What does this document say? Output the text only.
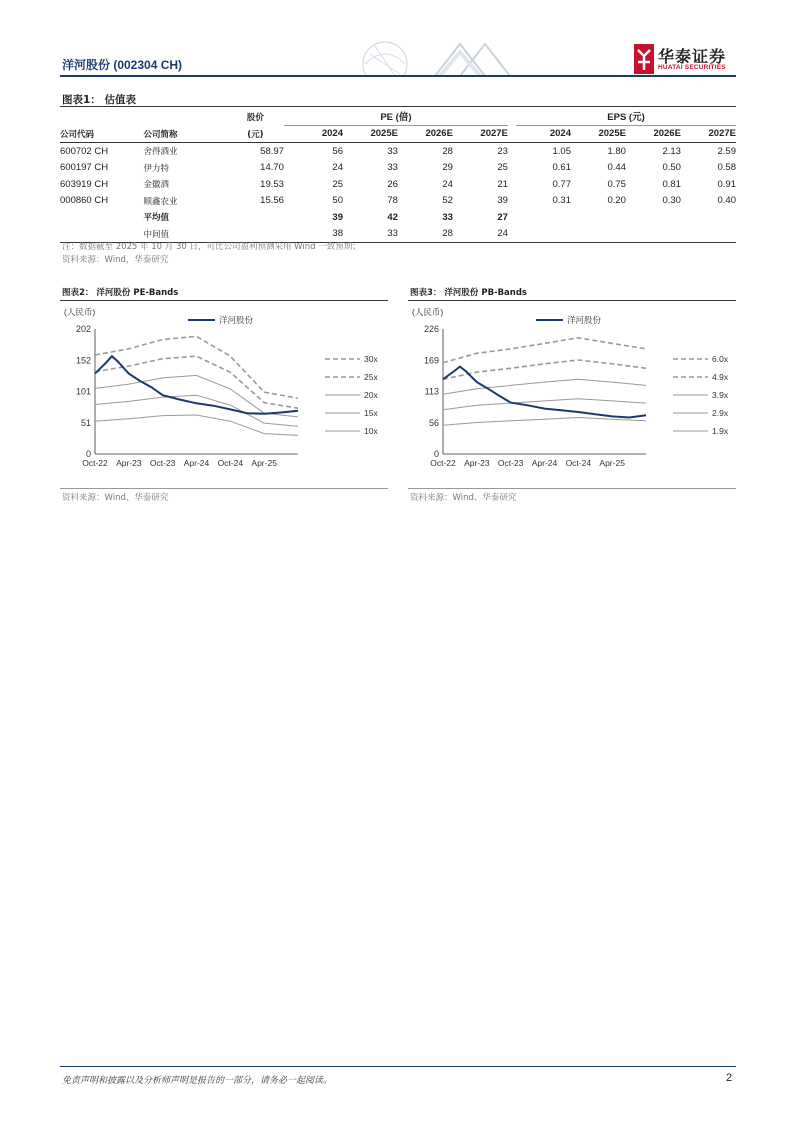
洋河股份 (002304 CH)	华泰证券
HUATAI SECURITIES
图表1： 估值表
		股价	PE (倍)					EPS (元)			
公司代码	公司简称	(元)	2024	2025E	2026E	2027E		2024	2025E	2026E	2027E
600702 CH	舍得酒业	58.97	56	33	28	23		1.05	1.80	2.13	2.59
600197 CH	伊力特	14.70	24	33	29	25		0.61	0.44	0.50	0.58
603919 CH	金徽酒	19.53	25	26	24	21		0.77	0.75	0.81	0.91
000860 CH	顺鑫农业	15.56	50	78	52	39		0.31	0.20	0.30	0.40
	平均值		39	42	33	27					
	中间值		38	33	28	24					
注：数据截至 2025 年 10 月 30 日，可比公司盈利预测采用 Wind 一致预期；
资料来源：Wind，华泰研究
图表2： 洋河股份 PE-Bands
(人民币)
202
152
101
51
0
Oct-22 Apr-23 Oct-23 Apr-24 Oct-24 Apr-25
洋河股份
30x
25x
20x
15x
10x
资料来源：Wind、华泰研究
图表3： 洋河股份 PB-Bands
(人民币)
226
169
113
56
0
Oct-22 Apr-23 Oct-23 Apr-24 Oct-24 Apr-25
洋河股份
6.0x
4.9x
3.9x
2.9x
1.9x
资料来源：Wind、华泰研究
免责声明和披露以及分析师声明是报告的一部分，请务必一起阅读。	2
